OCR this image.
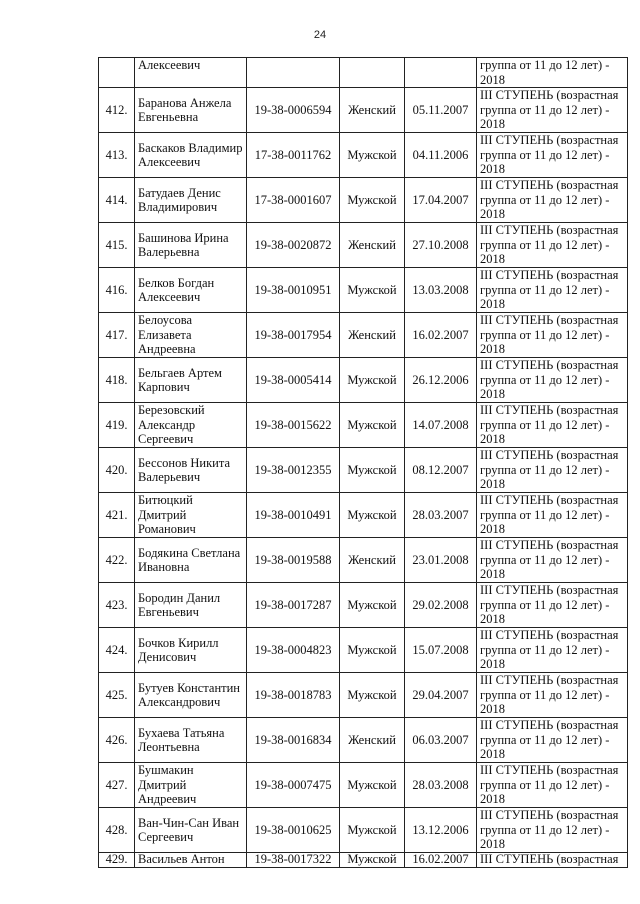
24
	Алексеевич				группа от 11 до 12 лет) -
2018

412.	Баранова Анжела Евгеньевна	19-38-0006594	Женский	05.11.2007	III СТУПЕНЬ (возрастная
группа от 11 до 12 лет) -
2018

413.	Баскаков Владимир Алексеевич	17-38-0011762	Мужской	04.11.2006	III СТУПЕНЬ (возрастная
группа от 11 до 12 лет) -
2018

414.	Батудаев Денис Владимирович	17-38-0001607	Мужской	17.04.2007	III СТУПЕНЬ (возрастная
группа от 11 до 12 лет) -
2018

415.	Башинова Ирина Валерьевна	19-38-0020872	Женский	27.10.2008	III СТУПЕНЬ (возрастная
группа от 11 до 12 лет) -
2018

416.	Белков Богдан Алексеевич	19-38-0010951	Мужской	13.03.2008	III СТУПЕНЬ (возрастная
группа от 11 до 12 лет) -
2018

417.	Белоусова Елизавета Андреевна	19-38-0017954	Женский	16.02.2007	III СТУПЕНЬ (возрастная
группа от 11 до 12 лет) -
2018

418.	Бельгаев Артем Карпович	19-38-0005414	Мужской	26.12.2006	III СТУПЕНЬ (возрастная
группа от 11 до 12 лет) -
2018

419.	Березовский Александр Сергеевич	19-38-0015622	Мужской	14.07.2008	III СТУПЕНЬ (возрастная
группа от 11 до 12 лет) -
2018

420.	Бессонов Никита Валерьевич	19-38-0012355	Мужской	08.12.2007	III СТУПЕНЬ (возрастная
группа от 11 до 12 лет) -
2018

421.	Битюцкий Дмитрий Романович	19-38-0010491	Мужской	28.03.2007	III СТУПЕНЬ (возрастная
группа от 11 до 12 лет) -
2018

422.	Бодякина Светлана Ивановна	19-38-0019588	Женский	23.01.2008	III СТУПЕНЬ (возрастная
группа от 11 до 12 лет) -
2018

423.	Бородин Данил Евгеньевич	19-38-0017287	Мужской	29.02.2008	III СТУПЕНЬ (возрастная
группа от 11 до 12 лет) -
2018

424.	Бочков Кирилл Денисович	19-38-0004823	Мужской	15.07.2008	III СТУПЕНЬ (возрастная
группа от 11 до 12 лет) -
2018

425.	Бутуев Константин Александрович	19-38-0018783	Мужской	29.04.2007	III СТУПЕНЬ (возрастная
группа от 11 до 12 лет) -
2018

426.	Бухаева Татьяна Леонтьевна	19-38-0016834	Женский	06.03.2007	III СТУПЕНЬ (возрастная
группа от 11 до 12 лет) -
2018

427.	Бушмакин Дмитрий Андреевич	19-38-0007475	Мужской	28.03.2008	III СТУПЕНЬ (возрастная
группа от 11 до 12 лет) -
2018

428.	Ван-Чин-Сан Иван Сергеевич	19-38-0010625	Мужской	13.12.2006	III СТУПЕНЬ (возрастная
группа от 11 до 12 лет) -
2018

429.	Васильев Антон	19-38-0017322	Мужской	16.02.2007	III СТУПЕНЬ (возрастная
